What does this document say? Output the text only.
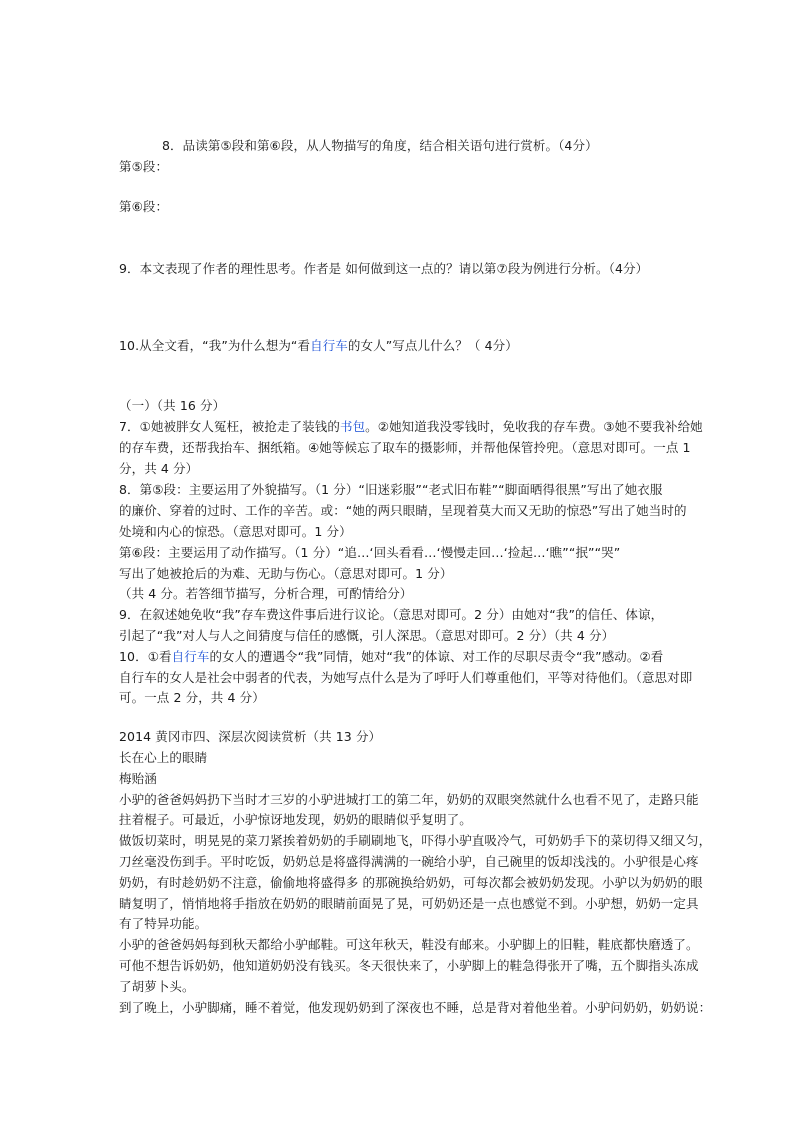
8．品读第⑤段和第⑥段，从人物描写的角度，结合相关语句进行赏析。（4分）
第⑤段：
第⑥段：
9．本文表现了作者的理性思考。作者是 如何做到这一点的？请以第⑦段为例进行分析。（4分）
10.从全文看，“我”为什么想为“看自行车的女人”写点儿什么？（ 4分）
（一）（共 16 分）
7．①她被胖女人冤枉，被抢走了装钱的书包。②她知道我没零钱时，免收我的存车费。③她不要我补给她
的存车费，还帮我抬车、捆纸箱。④她等候忘了取车的摄影师，并帮他保管拎兜。（意思对即可。一点 1
分，共 4 分）
8．第⑤段：主要运用了外貌描写。（1 分）“旧迷彩服”“老式旧布鞋”“脚面晒得很黑”写出了她衣服
的廉价、穿着的过时、工作的辛苦。或：“她的两只眼睛，呈现着莫大而又无助的惊恐”写出了她当时的
处境和内心的惊恐。（意思对即可。1 分）
第⑥段：主要运用了动作描写。（1 分）“追…‘回头看看…‘慢慢走回…‘捡起…‘瞧”“抿”“哭”
写出了她被抢后的为难、无助与伤心。（意思对即可。1 分）
（共 4 分。若答细节描写，分析合理，可酌情给分）
9．在叙述她免收“我”存车费这件事后进行议论。（意思对即可。2 分）由她对“我”的信任、体谅，
引起了“我”对人与人之间猜度与信任的感慨，引人深思。（意思对即可。2 分）（共 4 分）
10．①看自行车的女人的遭遇令“我”同情，她对“我”的体谅、对工作的尽职尽责令“我”感动。②看
自行车的女人是社会中弱者的代表，为她写点什么是为了呼吁人们尊重他们，平等对待他们。（意思对即
可。一点 2 分，共 4 分）
2014 黄冈市四、深层次阅读赏析（共 13 分）
长在心上的眼睛
梅贻涵
小驴的爸爸妈妈扔下当时才三岁的小驴进城打工的第二年，奶奶的双眼突然就什么也看不见了，走路只能
拄着棍子。可最近，小驴惊讶地发现，奶奶的眼睛似乎复明了。
做饭切菜时，明晃晃的菜刀紧挨着奶奶的手刷刷地飞，吓得小驴直吸冷气，可奶奶手下的菜切得又细又匀，
刀丝毫没伤到手。平时吃饭，奶奶总是将盛得满满的一碗给小驴，自己碗里的饭却浅浅的。小驴很是心疼
奶奶，有时趁奶奶不注意，偷偷地将盛得多 的那碗换给奶奶，可每次都会被奶奶发现。小驴以为奶奶的眼
睛复明了，悄悄地将手指放在奶奶的眼睛前面晃了晃，可奶奶还是一点也感觉不到。小驴想，奶奶一定具
有了特异功能。
小驴的爸爸妈妈每到秋天都给小驴邮鞋。可这年秋天，鞋没有邮来。小驴脚上的旧鞋，鞋底都快磨透了。
可他不想告诉奶奶，他知道奶奶没有钱买。冬天很快来了，小驴脚上的鞋急得张开了嘴，五个脚指头冻成
了胡萝卜头。
到了晚上，小驴脚痛，睡不着觉，他发现奶奶到了深夜也不睡，总是背对着他坐着。小驴问奶奶，奶奶说：
